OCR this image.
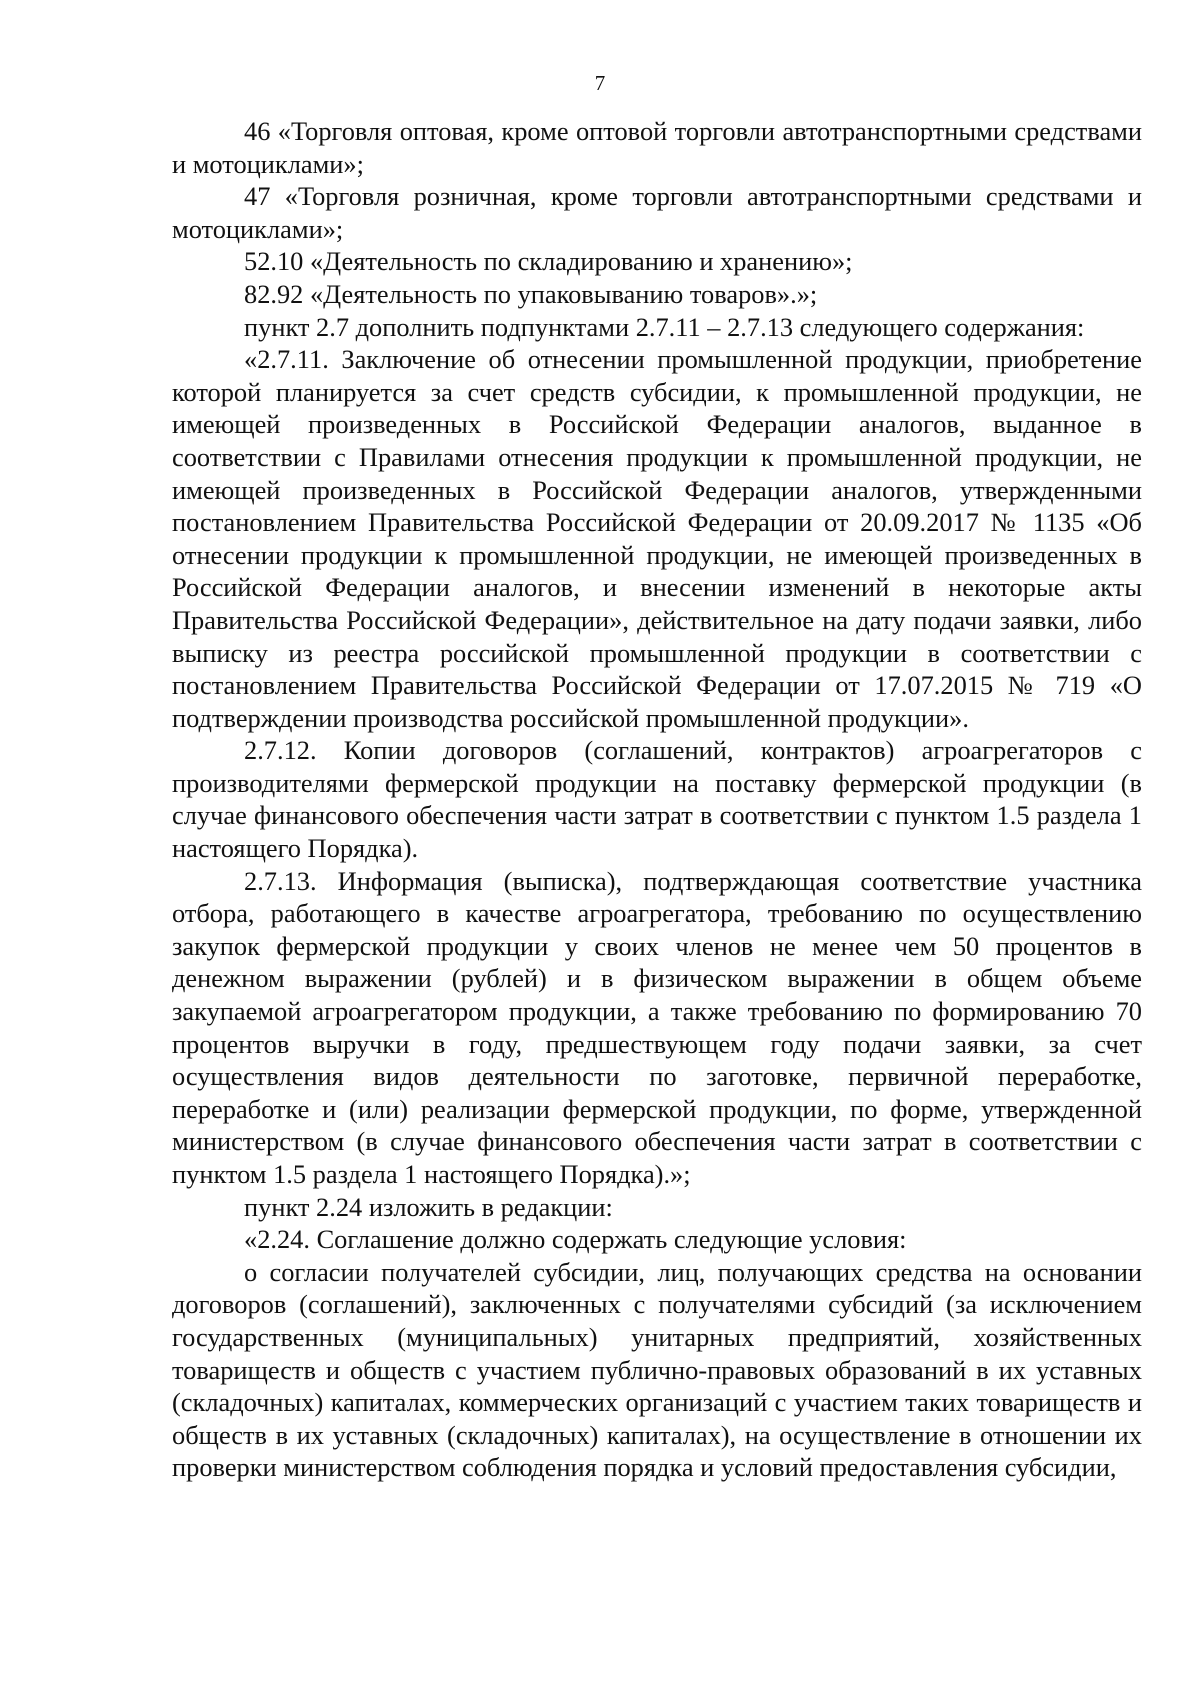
7

46 «Торговля оптовая, кроме оптовой торговли автотранспортными средствами и мотоциклами»;

47 «Торговля розничная, кроме торговли автотранспортными средствами и мотоциклами»;

52.10 «Деятельность по складированию и хранению»;

82.92 «Деятельность по упаковыванию товаров».»;

пункт 2.7 дополнить подпунктами 2.7.11 – 2.7.13 следующего содержания:

«2.7.11. Заключение об отнесении промышленной продукции, приобретение которой планируется за счет средств субсидии, к промышленной продукции, не имеющей произведенных в Российской Федерации аналогов, выданное в соответствии с Правилами отнесения продукции к промышленной продукции, не имеющей произведенных в Российской Федерации аналогов, утвержденными постановлением Правительства Российской Федерации от 20.09.2017 № 1135 «Об отнесении продукции к промышленной продукции, не имеющей произведенных в Российской Федерации аналогов, и внесении изменений в некоторые акты Правительства Российской Федерации», действительное на дату подачи заявки, либо выписку из реестра российской промышленной продукции в соответствии с постановлением Правительства Российской Федерации от 17.07.2015 № 719 «О подтверждении производства российской промышленной продукции».

2.7.12. Копии договоров (соглашений, контрактов) агроагрегаторов с производителями фермерской продукции на поставку фермерской продукции (в случае финансового обеспечения части затрат в соответствии с пунктом 1.5 раздела 1 настоящего Порядка).

2.7.13. Информация (выписка), подтверждающая соответствие участника отбора, работающего в качестве агроагрегатора, требованию по осуществлению закупок фермерской продукции у своих членов не менее чем 50 процентов в денежном выражении (рублей) и в физическом выражении в общем объеме закупаемой агроагрегатором продукции, а также требованию по формированию 70 процентов выручки в году, предшествующем году подачи заявки, за счет осуществления видов деятельности по заготовке, первичной переработке, переработке и (или) реализации фермерской продукции, по форме, утвержденной министерством (в случае финансового обеспечения части затрат в соответствии с пунктом 1.5 раздела 1 настоящего Порядка).»;

пункт 2.24 изложить в редакции:

«2.24. Соглашение должно содержать следующие условия:

о согласии получателей субсидии, лиц, получающих средства на основании договоров (соглашений), заключенных с получателями субсидий (за исключением государственных (муниципальных) унитарных предприятий, хозяйственных товариществ и обществ с участием публично-правовых образований в их уставных (складочных) капиталах, коммерческих организаций с участием таких товариществ и обществ в их уставных (складочных) капиталах), на осуществление в отношении их проверки министерством соблюдения порядка и условий предоставления субсидии,
